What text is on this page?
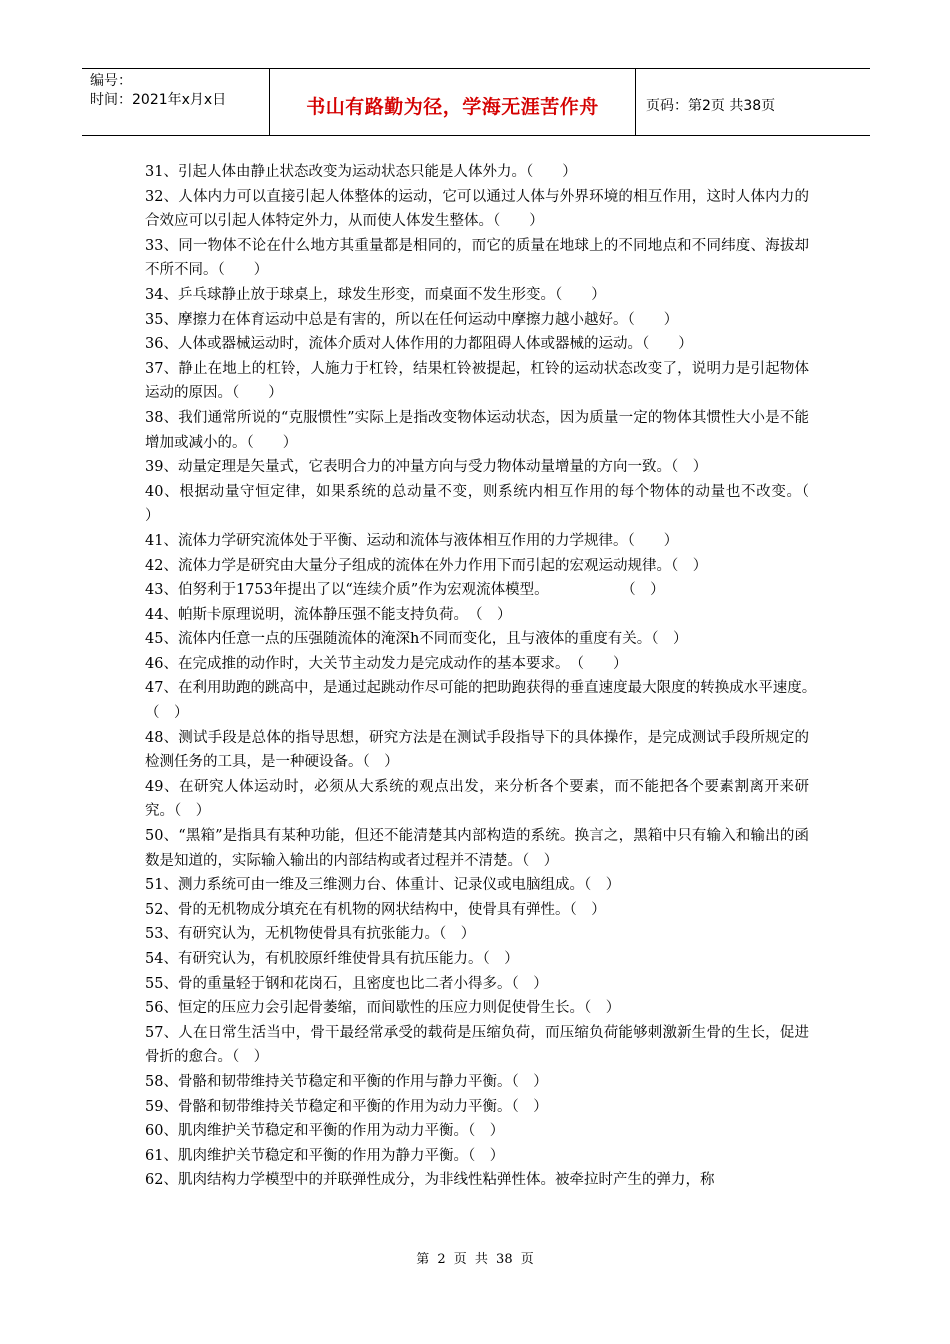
编号：
时间：2021年x月x日	书山有路勤为径，学海无涯苦作舟	页码：第2页 共38页
31、引起人体由静止状态改变为运动状态只能是人体外力。（　　）
32、人体内力可以直接引起人体整体的运动，它可以通过人体与外界环境的相互作用，这时人体内力的合效应可以引起人体特定外力，从而使人体发生整体。（　　）
33、同一物体不论在什么地方其重量都是相同的，而它的质量在地球上的不同地点和不同纬度、海拔却不所不同。（　　）
34、乒乓球静止放于球桌上，球发生形变，而桌面不发生形变。（　　）
35、摩擦力在体育运动中总是有害的，所以在任何运动中摩擦力越小越好。（　　）
36、人体或器械运动时，流体介质对人体作用的力都阻碍人体或器械的运动。（　　）
37、静止在地上的杠铃，人施力于杠铃，结果杠铃被提起，杠铃的运动状态改变了，说明力是引起物体运动的原因。（　　）
38、我们通常所说的“克服惯性”实际上是指改变物体运动状态，因为质量一定的物体其惯性大小是不能增加或减小的。（　　）
39、动量定理是矢量式，它表明合力的冲量方向与受力物体动量增量的方向一致。（　）
40、根据动量守恒定律，如果系统的总动量不变，则系统内相互作用的每个物体的动量也不改变。（　　）
41、流体力学研究流体处于平衡、运动和流体与液体相互作用的力学规律。（　　）
42、流体力学是研究由大量分子组成的流体在外力作用下而引起的宏观运动规律。（　）
43、伯努利于1753年提出了以“连续介质”作为宏观流体模型。　　　　　　（　）
44、帕斯卡原理说明，流体静压强不能支持负荷。　（　）
45、流体内任意一点的压强随流体的淹深h不同而变化，且与液体的重度有关。（　）
46、在完成推的动作时，大关节主动发力是完成动作的基本要求。　（　　）
47、在利用助跑的跳高中，是通过起跳动作尽可能的把助跑获得的垂直速度最大限度的转换成水平速度。　（　）
48、测试手段是总体的指导思想，研究方法是在测试手段指导下的具体操作，是完成测试手段所规定的检测任务的工具，是一种硬设备。（　）
49、在研究人体运动时，必须从大系统的观点出发，来分析各个要素，而不能把各个要素割离开来研究。（　）
50、“黑箱”是指具有某种功能，但还不能清楚其内部构造的系统。换言之，黑箱中只有输入和输出的函数是知道的，实际输入输出的内部结构或者过程并不清楚。（　）
51、测力系统可由一维及三维测力台、体重计、记录仪或电脑组成。（　）
52、骨的无机物成分填充在有机物的网状结构中，使骨具有弹性。（　）
53、有研究认为，无机物使骨具有抗张能力。（　）
54、有研究认为，有机胶原纤维使骨具有抗压能力。（　）
55、骨的重量轻于钢和花岗石，且密度也比二者小得多。（　）
56、恒定的压应力会引起骨萎缩，而间歇性的压应力则促使骨生长。（　）
57、人在日常生活当中，骨干最经常承受的载荷是压缩负荷，而压缩负荷能够刺激新生骨的生长，促进骨折的愈合。（　）
58、骨骼和韧带维持关节稳定和平衡的作用与静力平衡。（　）
59、骨骼和韧带维持关节稳定和平衡的作用为动力平衡。（　）
60、肌肉维护关节稳定和平衡的作用为动力平衡。（　）
61、肌肉维护关节稳定和平衡的作用为静力平衡。（　）
62、肌肉结构力学模型中的并联弹性成分，为非线性粘弹性体。被牵拉时产生的弹力，称
第 2 页 共 38 页
